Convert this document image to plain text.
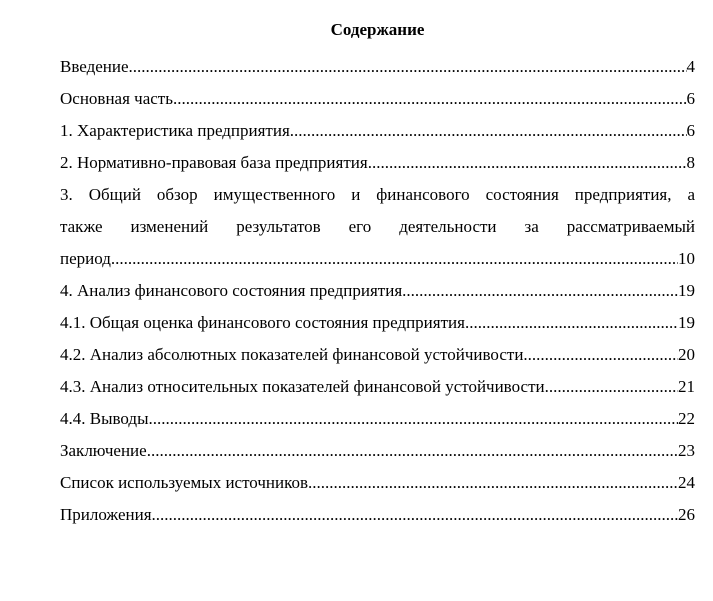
Содержание
Введение .....	4
Основная часть .....	6
1. Характеристика предприятия .....	6
2. Нормативно-правовая база предприятия .....	8
3. Общий обзор имущественного и финансового состояния предприятия, а
также изменений результатов его деятельности за рассматриваемый
период .....	10
4. Анализ финансового состояния предприятия .....	19
4.1. Общая оценка финансового состояния предприятия .....	19
4.2. Анализ абсолютных показателей финансовой устойчивости .....	20
4.3. Анализ относительных показателей финансовой устойчивости .....	21
4.4. Выводы .....	22
Заключение .....	23
Список используемых источников .....	24
Приложения .....	26
